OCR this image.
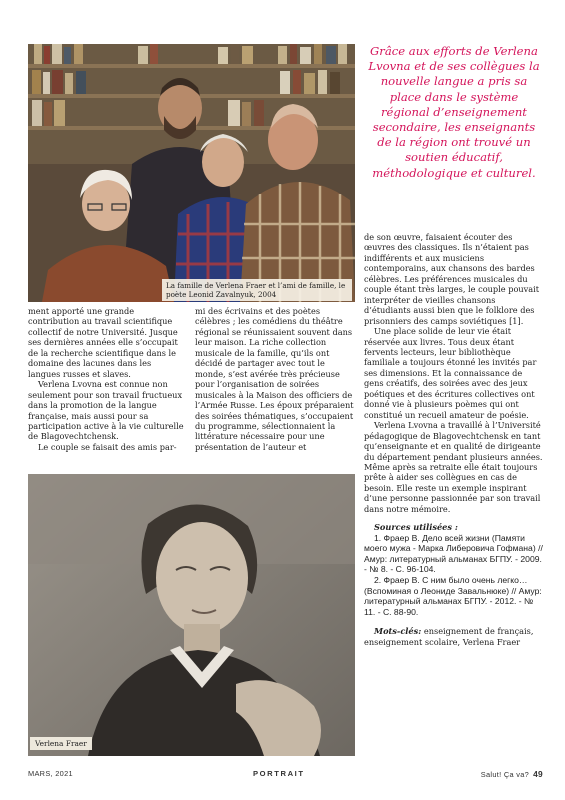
La famille de Verlena Fraer et l’ami de famille, le poète Leonid Zavalnyuk, 2004
Grâce aux efforts de Verlena Lvovna et de ses collègues la nouvelle langue a pris sa place dans le système régional d’enseignement secondaire, les enseignants de la région ont trouvé un soutien éducatif, méthodologique et culturel.

ment apporté une grande contribution au travail scientifique collectif de notre Université. Jusque ses dernières années elle s’occupait de la recherche scientifique dans le domaine des lacunes dans les langues russes et slaves.

Verlena Lvovna est connue non seulement pour son travail fructueux dans la promotion de la langue française, mais aussi pour sa participation active à la vie culturelle de Blagovechtchensk.

Le couple se faisait des amis par-

mi des écrivains et des poètes célèbres ; les comédiens du théâtre régional se réunissaient souvent dans leur maison. La riche collection musicale de la famille, qu’ils ont décidé de partager avec tout le monde, s’est avérée très précieuse pour l’organisation de soirées musicales à la Maison des officiers de l’Armée Russe. Les époux préparaient des soirées thématiques, s’occupaient du programme, sélectionnaient la littérature nécessaire pour une présentation de l’auteur et

Verlena Fraer

de son œuvre, faisaient écouter des œuvres des classiques. Ils n’étaient pas indifférents et aux musiciens contemporains, aux chansons des bardes célèbres. Les préférences musicales du couple étant très larges, le couple pouvait interpréter de vieilles chansons d’étudiants aussi bien que le folklore des prisonniers des camps soviétiques [1].

Une place solide de leur vie était réservée aux livres. Tous deux étant fervents lecteurs, leur bibliothèque familiale a toujours étonné les invités par ses dimensions. Et la connaissance de gens créatifs, des soirées avec des jeux poétiques et des écritures collectives ont donné vie à plusieurs poèmes qui ont constitué un recueil amateur de poésie.

Verlena Lvovna a travaillé à l’Université pédagogique de Blagovechtchensk en tant qu’enseignante et en qualité de dirigeante du département pendant plusieurs années. Même après sa retraite elle était toujours prête à aider ses collègues en cas de besoin. Elle reste un exemple inspirant d’une personne passionnée par son travail dans notre mémoire.

Sources utilisées :

1. Фраер В. Дело всей жизни (Памяти моего мужа - Марка Либеровича Гофмана) // Амур: литературный альманах БГПУ. - 2009. - № 8. - С. 96-104.

2. Фраер В. С ним было очень легко… (Вспоминая о Леониде Завальнюке) // Амур: литературный альманах БГПУ. - 2012. - № 11. - С. 88-90.

Mots-clés: enseignement de français, enseignement scolaire, Verlena Fraer

MARS, 2021	PORTRAIT	Salut! Ça va? 49
